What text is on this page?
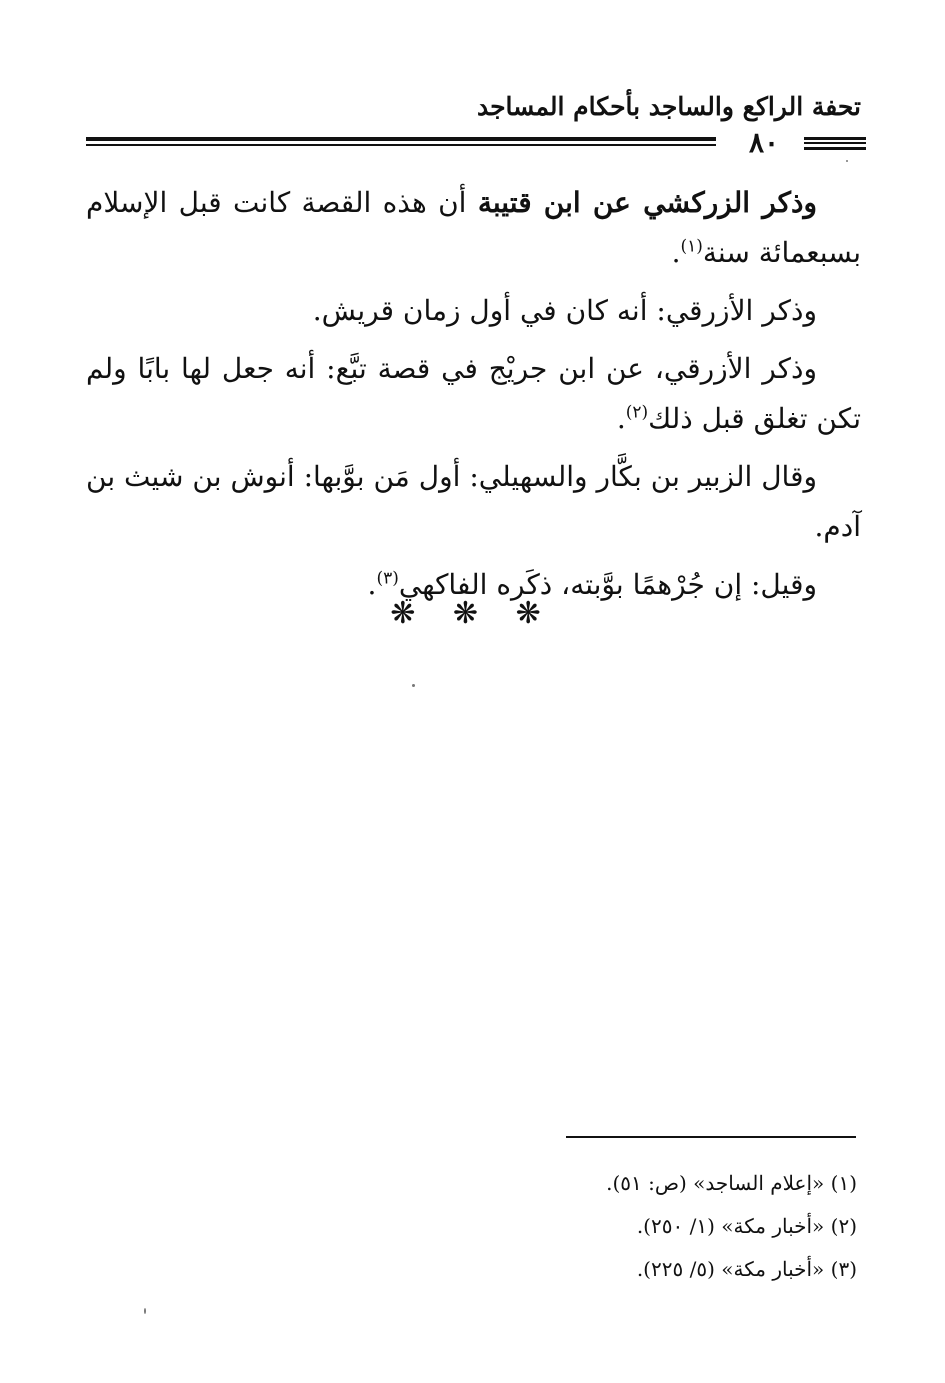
تحفة الراكع والساجد بأحكام المساجد
٨٠

وذكر الزركشي عن ابن قتيبة أن هذه القصة كانت قبل الإسلام بسبعمائة سنة$^{(١)}$.

وذكر الأزرقي: أنه كان في أول زمان قريش.

وذكر الأزرقي، عن ابن جريْج في قصة تبَّع: أنه جعل لها بابًا ولم تكن تغلق قبل ذلك$^{(٢)}$.

وقال الزبير بن بكَّار والسهيلي: أول مَن بوَّبها: أنوش بن شيث بن آدم.

وقيل: إن جُرْهمًا بوَّبته، ذكَره الفاكهي$^{(٣)}$.

❋ ❋ ❋

(١) «إعلام الساجد» (ص: ٥١).

(٢) «أخبار مكة» (١/ ٢٥٠).

(٣) «أخبار مكة» (٥/ ٢٢٥).
